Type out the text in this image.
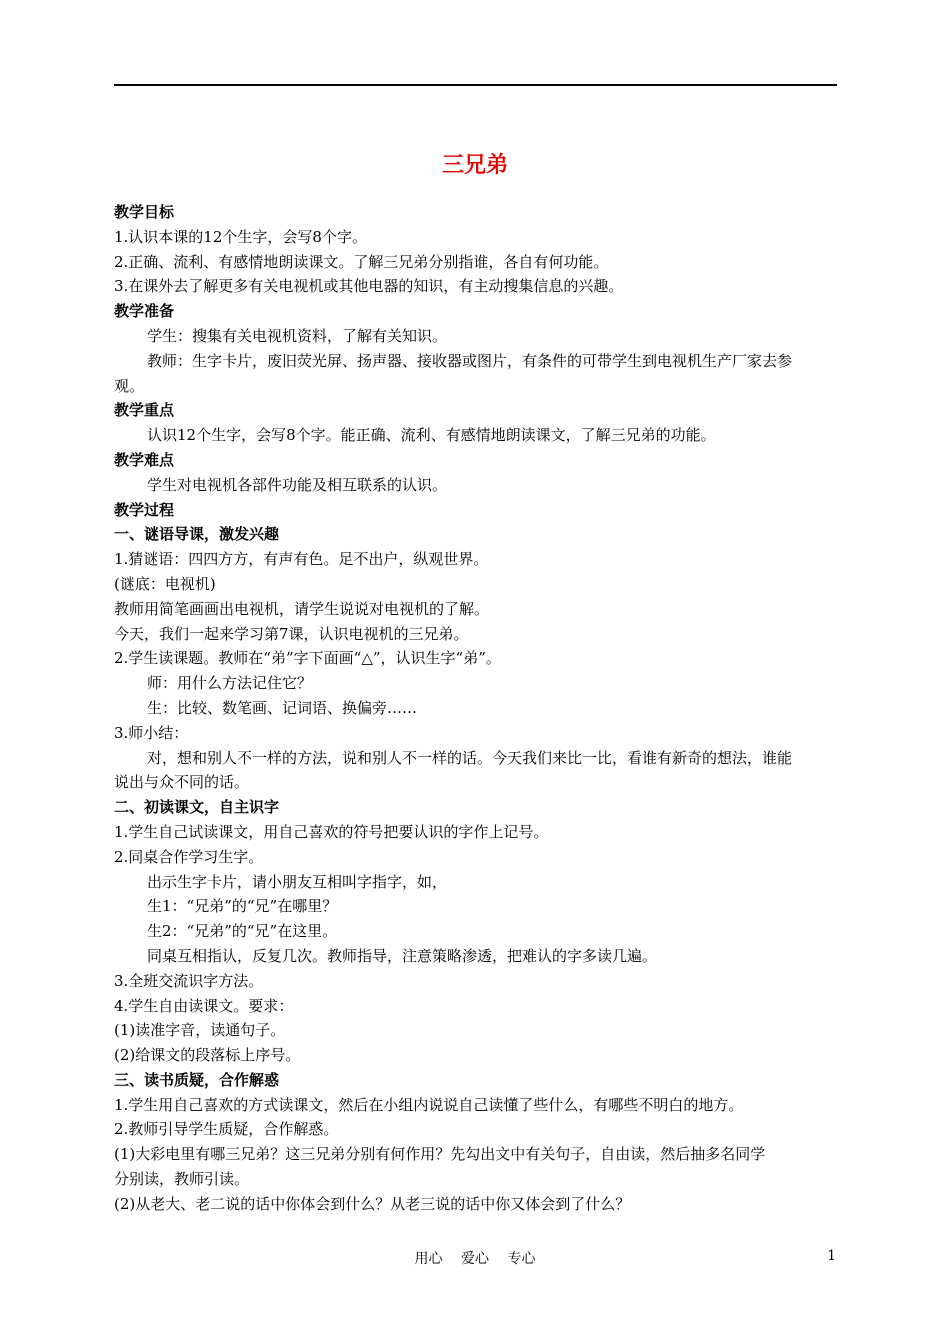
三兄弟
教学目标
1.认识本课的12个生字，会写8个字。
2.正确、流利、有感情地朗读课文。了解三兄弟分别指谁，各自有何功能。
3.在课外去了解更多有关电视机或其他电器的知识，有主动搜集信息的兴趣。
教学准备
学生：搜集有关电视机资料，了解有关知识。
教师：生字卡片，废旧荧光屏、扬声器、接收器或图片，有条件的可带学生到电视机生产厂家去参
观。
教学重点
认识12个生字，会写8个字。能正确、流利、有感情地朗读课文，了解三兄弟的功能。
教学难点
学生对电视机各部件功能及相互联系的认识。
教学过程
一、谜语导课，激发兴趣
1.猜谜语：四四方方，有声有色。足不出户，纵观世界。
(谜底：电视机)
教师用简笔画画出电视机，请学生说说对电视机的了解。
今天，我们一起来学习第7课，认识电视机的三兄弟。
2.学生读课题。教师在“弟”字下面画“△”，认识生字“弟”。
师：用什么方法记住它？
生：比较、数笔画、记词语、换偏旁……
3.师小结：
对，想和别人不一样的方法，说和别人不一样的话。今天我们来比一比，看谁有新奇的想法，谁能
说出与众不同的话。
二、初读课文，自主识字
1.学生自己试读课文，用自己喜欢的符号把要认识的字作上记号。
2.同桌合作学习生字。
出示生字卡片，请小朋友互相叫字指字，如，
生1：“兄弟”的“兄”在哪里？
生2：“兄弟”的“兄”在这里。
同桌互相指认，反复几次。教师指导，注意策略渗透，把难认的字多读几遍。
3.全班交流识字方法。
4.学生自由读课文。要求：
(1)读准字音，读通句子。
(2)给课文的段落标上序号。
三、读书质疑，合作解惑
1.学生用自己喜欢的方式读课文，然后在小组内说说自己读懂了些什么，有哪些不明白的地方。
2.教师引导学生质疑，合作解惑。
(1)大彩电里有哪三兄弟？这三兄弟分别有何作用？先勾出文中有关句子，自由读，然后抽多名同学
分别读，教师引读。
(2)从老大、老二说的话中你体会到什么？从老三说的话中你又体会到了什么？
用心 爱心 专心	1
